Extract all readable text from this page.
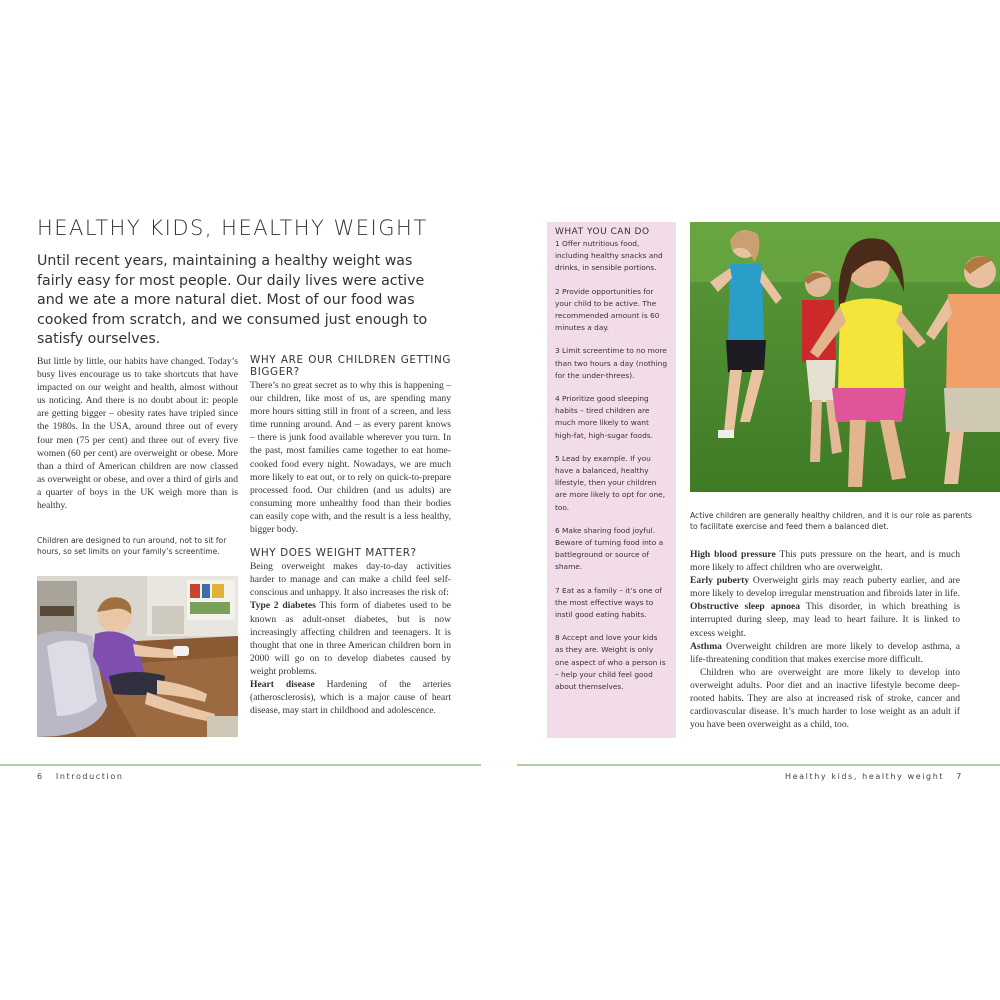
HEALTHY KIDS, HEALTHY WEIGHT
Until recent years, maintaining a healthy weight was fairly easy for most people. Our daily lives were active and we ate a more natural diet. Most of our food was cooked from scratch, and we consumed just enough to satisfy ourselves.

But little by little, our habits have changed. Today’s busy lives encourage us to take shortcuts that have impacted on our weight and health, almost without us noticing. And there is no doubt about it: people are getting bigger – obesity rates have tripled since the 1980s. In the USA, around three out of every four men (75 per cent) and three out of every five women (60 per cent) are overweight or obese. More than a third of American children are now classed as overweight or obese, and over a third of girls and a quarter of boys in the UK weigh more than is healthy.

Children are designed to run around, not to sit for hours, so set limits on your family’s screentime.
WHY ARE OUR CHILDREN GETTING BIGGER?

There’s no great secret as to why this is happening – our children, like most of us, are spending many more hours sitting still in front of a screen, and less time running around. And – as every parent knows – there is junk food available wherever you turn. In the past, most families came together to eat home-cooked food every night. Nowadays, we are much more likely to eat out, or to rely on quick-to-prepare processed food. Our children (and us adults) are consuming more unhealthy food than their bodies can easily cope with, and the result is a less healthy, bigger body.

WHY DOES WEIGHT MATTER?

Being overweight makes day-to-day activities harder to manage and can make a child feel self-conscious and unhappy. It also increases the risk of:

Type 2 diabetes This form of diabetes used to be known as adult-onset diabetes, but is now increasingly affecting children and teenagers. It is thought that one in three American children born in 2000 will go on to develop diabetes caused by weight problems.

Heart disease Hardening of the arteries (atherosclerosis), which is a major cause of heart disease, may start in childhood and adolescence.

6 Introduction
WHAT YOU CAN DO

1 Offer nutritious food, including healthy snacks and drinks, in sensible portions.

2 Provide opportunities for your child to be active. The recommended amount is 60 minutes a day.

3 Limit screentime to no more than two hours a day (nothing for the under-threes).

4 Prioritize good sleeping habits – tired children are much more likely to want high-fat, high-sugar foods.

5 Lead by example. If you have a balanced, healthy lifestyle, then your children are more likely to opt for one, too.

6 Make sharing food joyful. Beware of turning food into a battleground or source of shame.

7 Eat as a family – it’s one of the most effective ways to instil good eating habits.

8 Accept and love your kids as they are. Weight is only one aspect of who a person is – help your child feel good about themselves.

Active children are generally healthy children, and it is our role as parents to facilitate exercise and feed them a balanced diet.

High blood pressure This puts pressure on the heart, and is much more likely to affect children who are overweight.

Early puberty Overweight girls may reach puberty earlier, and are more likely to develop irregular menstruation and fibroids later in life.

Obstructive sleep apnoea This disorder, in which breathing is interrupted during sleep, may lead to heart failure. It is linked to excess weight.

Asthma Overweight children are more likely to develop asthma, a life-threatening condition that makes exercise more difficult.

Children who are overweight are more likely to develop into overweight adults. Poor diet and an inactive lifestyle become deep-rooted habits. They are also at increased risk of stroke, cancer and cardiovascular disease. It’s much harder to lose weight as an adult if you have been overweight as a child, too.

Healthy kids, healthy weight 7
